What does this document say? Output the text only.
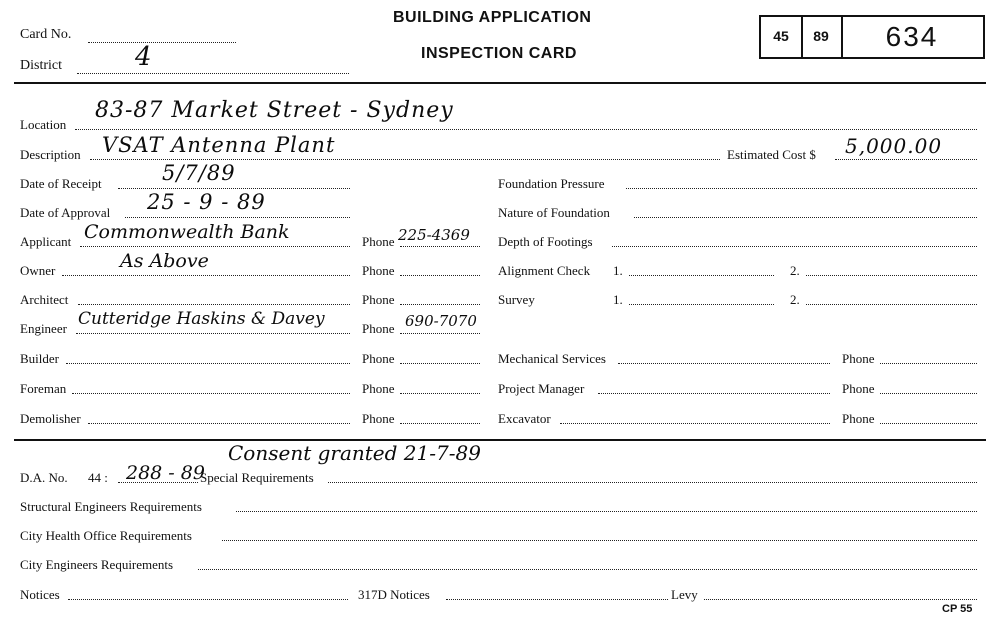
Card No.
District	4
BUILDING APPLICATION
INSPECTION CARD
45	89	634
Location
83-87 Market Street - Sydney
Description VSAT Antenna Plant	Estimated Cost $ 5,000.00
Date of Receipt	5/7/89
Date of Approval 25 - 9 - 89
Applicant Commonwealth Bank	Phone 225-4369
Owner	As Above	Phone
Architect	Phone
Engineer Cutteridge Haskins & Davey	Phone 690-7070
Builder	Phone
Foreman	Phone
Demolisher	Phone
Foundation Pressure
Nature of Foundation
Depth of Footings
Alignment Check 1.	2.
Survey	1.	2.
Mechanical Services	Phone
Project Manager	Phone
Excavator	Phone
D.A. No. 44 : 288 - 89
Special Requirements
Consent granted 21-7-89
Structural Engineers Requirements
City Health Office Requirements
City Engineers Requirements
Notices	317D Notices	Levy
CP 55
